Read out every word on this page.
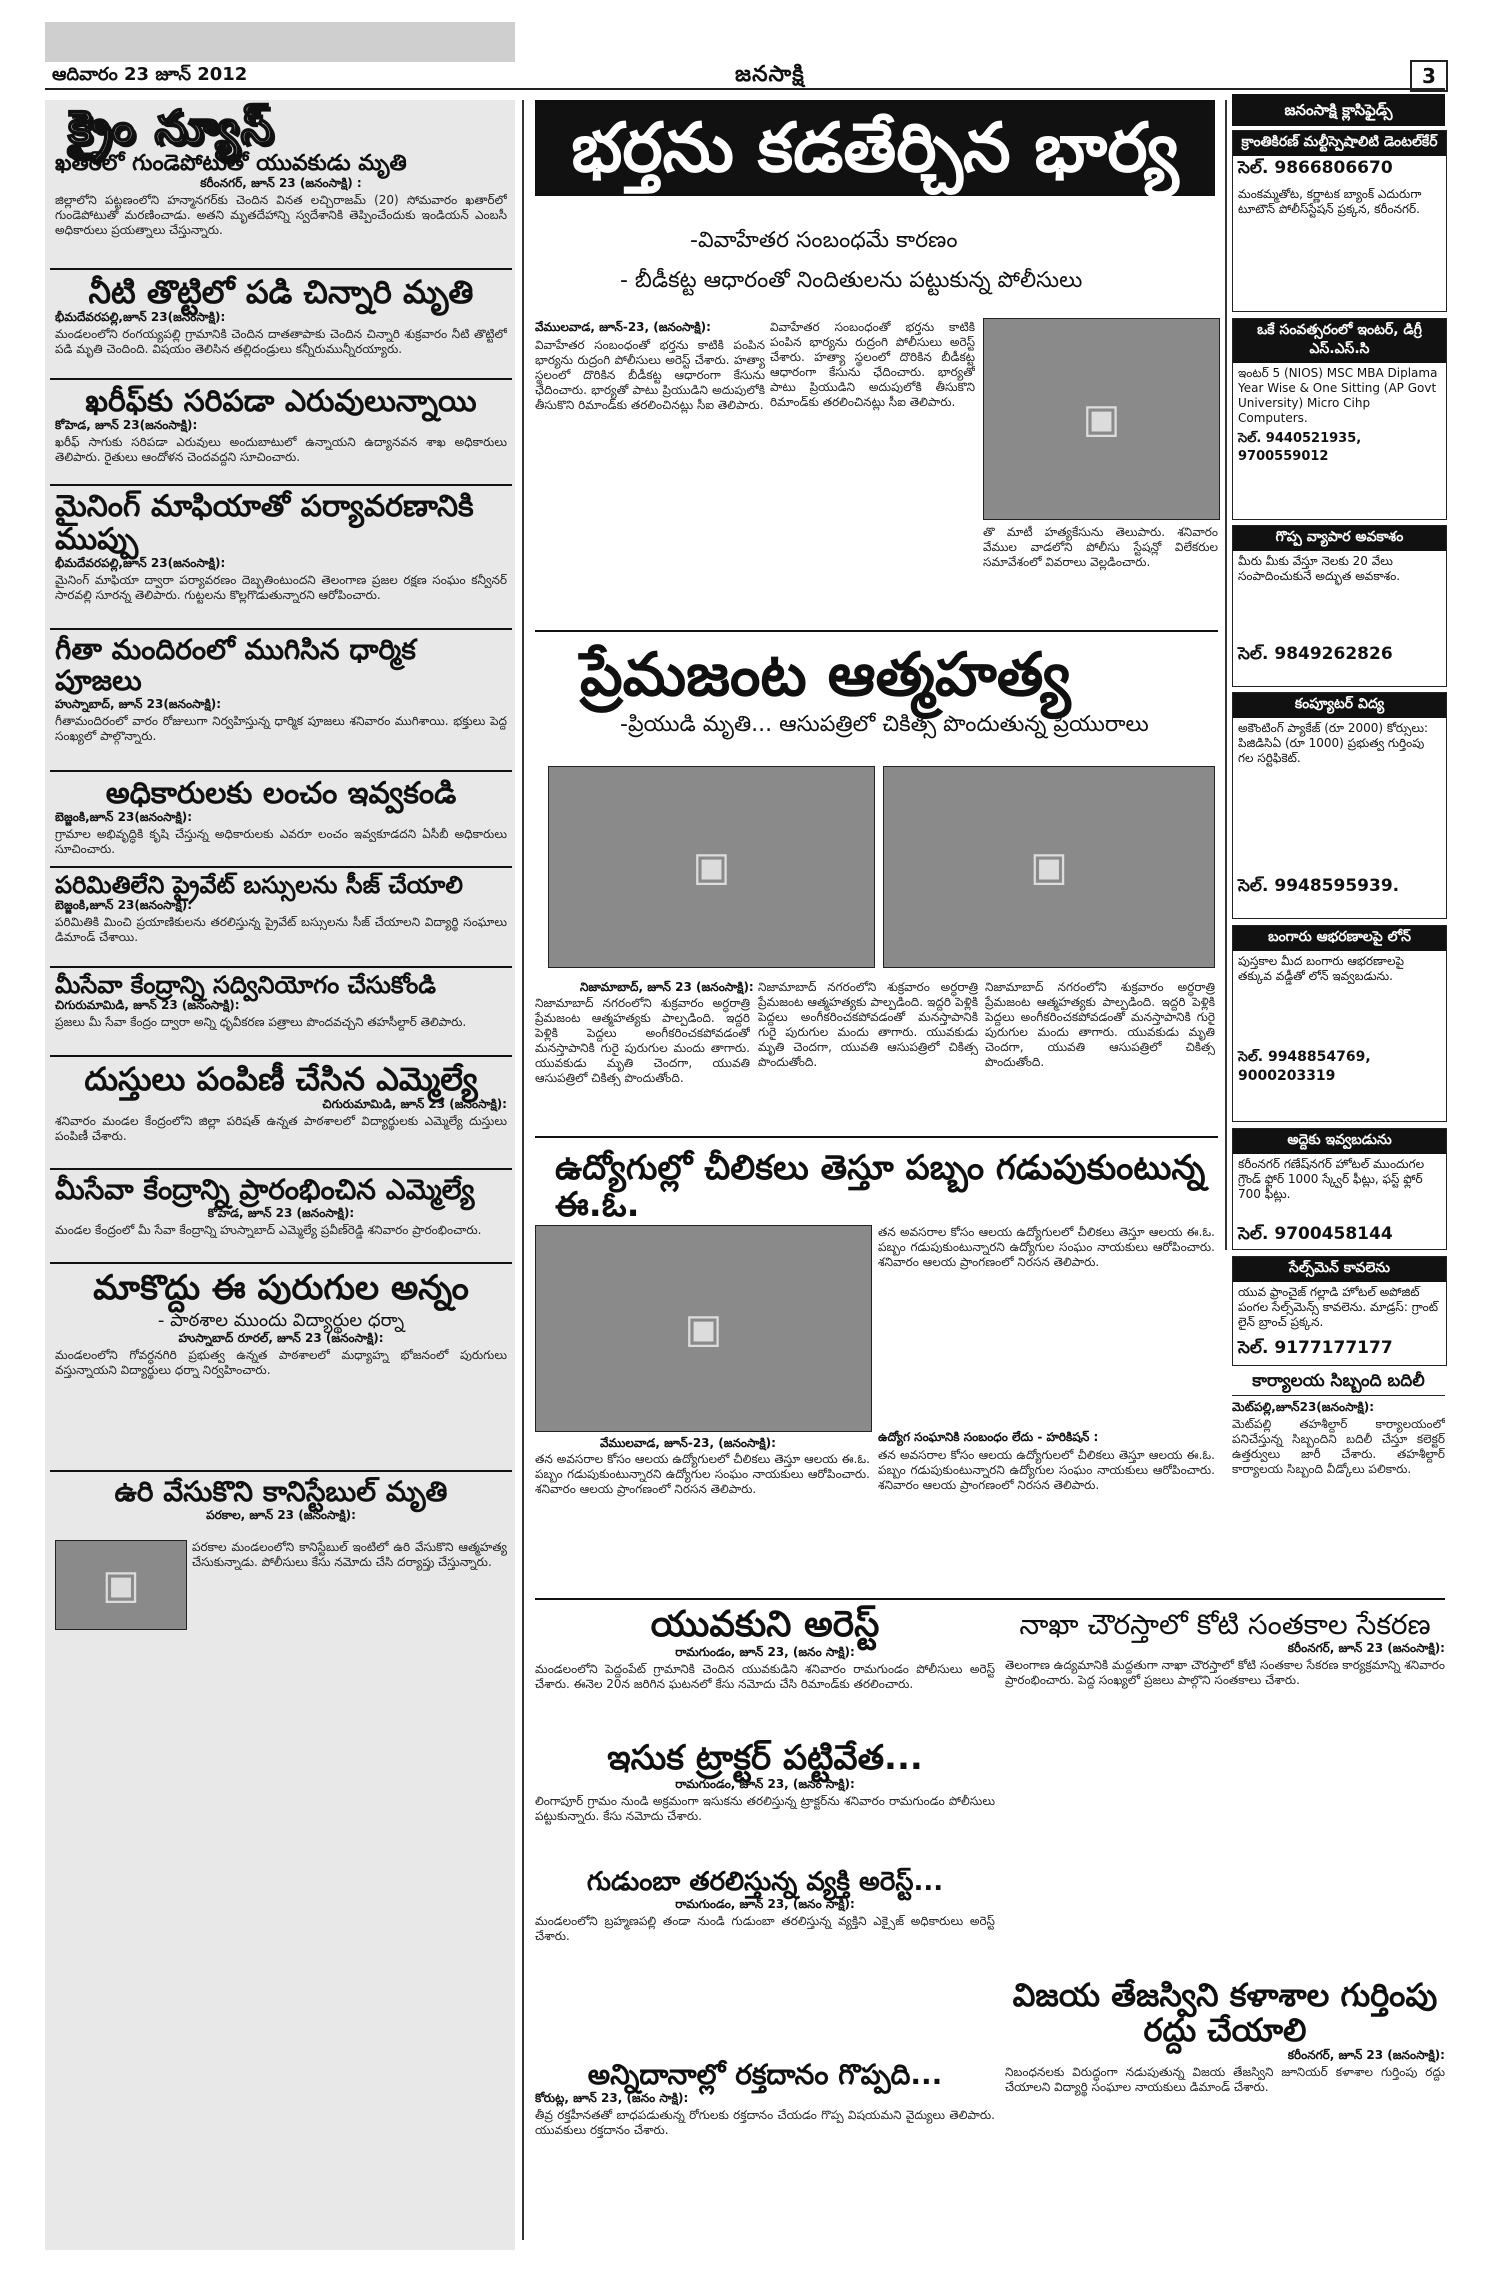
ఆదివారం 23 జూన్ 2012	జనసాక్షి	3
క్రైం న్యూస్
ఖతర్‌లో గుండెపోటుతో యువకుడు మృతి
కరీంనగర్, జూన్ 23 (జనంసాక్షి) :
జిల్లాలోని పట్టణంలోని హన్మానగర్‌కు చెందిన వినత లచ్చిరాజమ్ (20) సోమవారం ఖతార్‌లో గుండెపోటుతో మరణించాడు. అతని మృతదేహాన్ని స్వదేశానికి తెప్పించేందుకు ఇండియన్ ఎంబసీ అధికారులు ప్రయత్నాలు చేస్తున్నారు.
నీటి తొట్టిలో పడి చిన్నారి మృతి
భీమదేవరపల్లి,జూన్ 23(జనంసాక్షి):
మండలంలోని రంగయ్యపల్లి గ్రామానికి చెందిన దాతతాపాకు చెందిన చిన్నారి శుక్రవారం నీటి తొట్టిలో పడి మృతి చెందింది. విషయం తెలిసిన తల్లిదండ్రులు కన్నీరుమున్నీరయ్యారు.
ఖరీఫ్‌కు సరిపడా ఎరువులున్నాయి
కోహెడ, జూన్ 23(జనంసాక్షి):
ఖరీఫ్ సాగుకు సరిపడా ఎరువులు అందుబాటులో ఉన్నాయని ఉద్యానవన శాఖ అధికారులు తెలిపారు. రైతులు ఆందోళన చెందవద్దని సూచించారు.
మైనింగ్ మాఫియాతో పర్యావరణానికి ముప్పు
భీమదేవరపల్లి,జూన్ 23(జనంసాక్షి):
మైనింగ్ మాఫియా ద్వారా పర్యావరణం దెబ్బతింటుందని తెలంగాణ ప్రజల రక్షణ సంఘం కన్వీనర్ సారవల్లి సూరన్న తెలిపారు. గుట్టలను కొల్లగొడుతున్నారని ఆరోపించారు.
గీతా మందిరంలో ముగిసిన ధార్మిక పూజలు
హుస్నాబాద్, జూన్ 23(జనంసాక్షి):
గీతామందిరంలో వారం రోజులుగా నిర్వహిస్తున్న ధార్మిక పూజలు శనివారం ముగిశాయి. భక్తులు పెద్ద సంఖ్యలో పాల్గొన్నారు.
అధికారులకు లంచం ఇవ్వకండి
బెజ్జంకి,జూన్ 23(జనంసాక్షి):
గ్రామాల అభివృద్ధికి కృషి చేస్తున్న అధికారులకు ఎవరూ లంచం ఇవ్వకూడదని ఏసీబీ అధికారులు సూచించారు.
పరిమితిలేని ప్రైవేట్ బస్సులను సీజ్ చేయాలి
బెజ్జంకి,జూన్ 23(జనంసాక్షి):
పరిమితికి మించి ప్రయాణికులను తరలిస్తున్న ప్రైవేట్ బస్సులను సీజ్ చేయాలని విద్యార్థి సంఘాలు డిమాండ్ చేశాయి.
మీసేవా కేంద్రాన్ని సద్వినియోగం చేసుకోండి
చిగురుమామిడి, జూన్ 23 (జనంసాక్షి):
ప్రజలు మీ సేవా కేంద్రం ద్వారా అన్ని ధృవీకరణ పత్రాలు పొందవచ్చని తహసీల్దార్ తెలిపారు.
దుస్తులు పంపిణీ చేసిన ఎమ్మెల్యే
చిగురుమామిడి, జూన్ 23 (జనంసాక్షి):
శనివారం మండల కేంద్రంలోని జిల్లా పరిషత్ ఉన్నత పాఠశాలలో విద్యార్థులకు ఎమ్మెల్యే దుస్తులు పంపిణీ చేశారు.
మీసేవా కేంద్రాన్ని ప్రారంభించిన ఎమ్మెల్యే
కోహెడ, జూన్ 23 (జనంసాక్షి):
మండల కేంద్రంలో మీ సేవా కేంద్రాన్ని హుస్నాబాద్ ఎమ్మెల్యే ప్రవీణ్‌రెడ్డి శనివారం ప్రారంభించారు.
మాకొద్దు ఈ పురుగుల అన్నం
- పాఠశాల ముందు విద్యార్థుల ధర్నా
హుస్నాబాద్ రూరల్, జూన్ 23 (జనంసాక్షి):
మండలంలోని గోవర్ధనగిరి ప్రభుత్వ ఉన్నత పాఠశాలలో మధ్యాహ్న భోజనంలో పురుగులు వస్తున్నాయని విద్యార్థులు ధర్నా నిర్వహించారు.
ఉరి వేసుకొని కానిస్టేబుల్ మృతి
పరకాల, జూన్ 23 (జనంసాక్షి):
▣
పరకాల మండలంలోని కానిస్టేబుల్ ఇంటిలో ఉరి వేసుకొని ఆత్మహత్య చేసుకున్నాడు. పోలీసులు కేసు నమోదు చేసి దర్యాప్తు చేస్తున్నారు.
భర్తను కడతేర్చిన భార్య
-వివాహేతర సంబంధమే కారణం
- బీడీకట్ట ఆధారంతో నిందితులను పట్టుకున్న పోలీసులు
వేములవాడ, జూన్-23, (జనంసాక్షి):
వివాహేతర సంబంధంతో భర్తను కాటికి పంపిన భార్యను రుద్రంగి పోలీసులు అరెస్ట్ చేశారు. హత్యా స్థలంలో దొరికిన బీడీకట్ట ఆధారంగా కేసును ఛేదించారు. భార్యతో పాటు ప్రియుడిని అదుపులోకి తీసుకొని రిమాండ్‌కు తరలించినట్లు సీఐ తెలిపారు.
వివాహేతర సంబంధంతో భర్తను కాటికి పంపిన భార్యను రుద్రంగి పోలీసులు అరెస్ట్ చేశారు. హత్యా స్థలంలో దొరికిన బీడీకట్ట ఆధారంగా కేసును ఛేదించారు. భార్యతో పాటు ప్రియుడిని అదుపులోకి తీసుకొని రిమాండ్‌కు తరలించినట్లు సీఐ తెలిపారు.	▣
తొ మాటీ హత్యకేసును తెలుపారు. శనివారం వేముల వాడలోని పోలీసు స్టేషన్లో విలేకరుల సమావేశంలో వివరాలు వెల్లడించారు.
ప్రేమజంట ఆత్మహత్య
-ప్రియుడి మృతి... ఆసుపత్రిలో చికిత్స పొందుతున్న ప్రియురాలు
▣	▣
నిజామాబాద్, జూన్ 23 (జనంసాక్షి):
నిజామాబాద్ నగరంలోని శుక్రవారం అర్ధరాత్రి ప్రేమజంట ఆత్మహత్యకు పాల్పడింది. ఇద్దరి పెళ్లికి పెద్దలు అంగీకరించకపోవడంతో మనస్తాపానికి గురై పురుగుల మందు తాగారు. యువకుడు మృతి చెందగా, యువతి ఆసుపత్రిలో చికిత్స పొందుతోంది.
నిజామాబాద్ నగరంలోని శుక్రవారం అర్ధరాత్రి ప్రేమజంట ఆత్మహత్యకు పాల్పడింది. ఇద్దరి పెళ్లికి పెద్దలు అంగీకరించకపోవడంతో మనస్తాపానికి గురై పురుగుల మందు తాగారు. యువకుడు మృతి చెందగా, యువతి ఆసుపత్రిలో చికిత్స పొందుతోంది.
నిజామాబాద్ నగరంలోని శుక్రవారం అర్ధరాత్రి ప్రేమజంట ఆత్మహత్యకు పాల్పడింది. ఇద్దరి పెళ్లికి పెద్దలు అంగీకరించకపోవడంతో మనస్తాపానికి గురై పురుగుల మందు తాగారు. యువకుడు మృతి చెందగా, యువతి ఆసుపత్రిలో చికిత్స పొందుతోంది.
ఉద్యోగుల్లో చీలికలు తెస్తూ పబ్బం గడుపుకుంటున్న ఈ.ఓ.
▣
వేములవాడ, జూన్-23, (జనంసాక్షి):
తన అవసరాల కోసం ఆలయ ఉద్యోగులలో చీలికలు తెస్తూ ఆలయ ఈ.ఓ. పబ్బం గడుపుకుంటున్నారని ఉద్యోగుల సంఘం నాయకులు ఆరోపించారు. శనివారం ఆలయ ప్రాంగణంలో నిరసన తెలిపారు.
తన అవసరాల కోసం ఆలయ ఉద్యోగులలో చీలికలు తెస్తూ ఆలయ ఈ.ఓ. పబ్బం గడుపుకుంటున్నారని ఉద్యోగుల సంఘం నాయకులు ఆరోపించారు. శనివారం ఆలయ ప్రాంగణంలో నిరసన తెలిపారు.
ఉద్యోగ సంఘానికి సంబంధం లేదు - హరికిషన్ :
తన అవసరాల కోసం ఆలయ ఉద్యోగులలో చీలికలు తెస్తూ ఆలయ ఈ.ఓ. పబ్బం గడుపుకుంటున్నారని ఉద్యోగుల సంఘం నాయకులు ఆరోపించారు. శనివారం ఆలయ ప్రాంగణంలో నిరసన తెలిపారు.
యువకుని అరెస్ట్
రామగుండం, జూన్ 23, (జనం సాక్షి):
మండలంలోని పెద్దంపేట్ గ్రామానికి చెందిన యువకుడిని శనివారం రామగుండం పోలీసులు అరెస్ట్ చేశారు. ఈనెల 20న జరిగిన ఘటనలో కేసు నమోదు చేసి రిమాండ్‌కు తరలించారు.
ఇసుక ట్రాక్టర్ పట్టివేత...
రామగుండం, జూన్ 23, (జనం సాక్షి):
లింగాపూర్ గ్రామం నుండి అక్రమంగా ఇసుకను తరలిస్తున్న ట్రాక్టర్‌ను శనివారం రామగుండం పోలీసులు పట్టుకున్నారు. కేసు నమోదు చేశారు.
గుడుంబా తరలిస్తున్న వ్యక్తి అరెస్ట్...
రామగుండం, జూన్ 23, (జనం సాక్షి):
మండలంలోని బ్రహ్మణపల్లి తండా నుండి గుడుంబా తరలిస్తున్న వ్యక్తిని ఎక్సైజ్ అధికారులు అరెస్ట్ చేశారు.
అన్నిదానాల్లో రక్తదానం గొప్పది...
కోరుట్ల, జూన్ 23, (జనం సాక్షి):
తీవ్ర రక్తహీనతతో బాధపడుతున్న రోగులకు రక్తదానం చేయడం గొప్ప విషయమని వైద్యులు తెలిపారు. యువకులు రక్తదానం చేశారు.
నాఖా చౌరస్తాలో కోటి సంతకాల సేకరణ
కరీంనగర్, జూన్ 23 (జనంసాక్షి):
తెలంగాణ ఉద్యమానికి మద్దతుగా నాఖా చౌరస్తాలో కోటి సంతకాల సేకరణ కార్యక్రమాన్ని శనివారం ప్రారంభించారు. పెద్ద సంఖ్యలో ప్రజలు పాల్గొని సంతకాలు చేశారు.
విజయ తేజస్విని కళాశాల గుర్తింపు రద్దు చేయాలి
కరీంనగర్, జూన్ 23 (జనంసాక్షి):
నిబంధనలకు విరుద్ధంగా నడుపుతున్న విజయ తేజస్విని జూనియర్ కళాశాల గుర్తింపు రద్దు చేయాలని విద్యార్థి సంఘాల నాయకులు డిమాండ్ చేశారు.
జనంసాక్షి క్లాసిఫైడ్స్
క్రాంతికిరణ్ మల్టీస్పెషాలిటి డెంటల్‌కేర్
సెల్. 9866806670
మంకమ్మతోట, కర్ణాటక బ్యాంక్ ఎదురుగా టూటౌన్ పోలీస్‌స్టేషన్ ప్రక్కన, కరీంనగర్.
ఒకే సంవత్సరంలో ఇంటర్, డిగ్రీ ఎస్.ఎస్.సి
ఇంటర్ 5 (NIOS) MSC MBA Diplama Year Wise & One Sitting (AP Govt University) Micro Cihp Computers.
సెల్. 9440521935, 9700559012
గొప్ప వ్యాపార అవకాశం
మీరు మీకు వేస్తూ నెలకు 20 వేలు సంపాదించుకునే అద్భుత అవకాశం.
సెల్. 9849262826
కంప్యూటర్ విద్య
అకౌంటింగ్ ప్యాకేజ్ (రూ 2000) కోర్సులు: పిజిడిసిఏ (రూ 1000) ప్రభుత్వ గుర్తింపు గల సర్టిఫికెట్.
సెల్. 9948595939.
బంగారు ఆభరణాలపై లోన్
పుస్తకాల మీద బంగారు ఆభరణాలపై తక్కువ వడ్డీతో లోన్ ఇవ్వబడును.
సెల్. 9948854769, 9000203319
అద్దెకు ఇవ్వబడును
కరీంనగర్ గణేష్‌నగర్ హోటల్ ముందుగల గ్రౌండ్ ఫ్లోర్ 1000 స్క్వేర్ ఫీట్లు, ఫస్ట్ ఫ్లోర్ 700 ఫీట్లు.
సెల్. 9700458144
సేల్స్‌మెన్ కావలెను
యువ ఫ్రాంచైజ్ గల్లాడి హోటల్ అపోజిట్ పంగల సేల్స్‌మెన్స్ కావలెను. మాడ్రస్: గ్రాంట్ లైన్ బ్రాంచ్ ప్రక్కన.
సెల్. 9177177177
కార్యాలయ సిబ్బంది బదిలీ
మెట్‌పల్లి,జూన్23(జనంసాక్షి):
మెట్‌పల్లి తహశీల్దార్ కార్యాలయంలో పనిచేస్తున్న సిబ్బందిని బదిలీ చేస్తూ కలెక్టర్ ఉత్తర్వులు జారీ చేశారు. తహశీల్దార్ కార్యాలయ సిబ్బంది వీడ్కోలు పలికారు.
